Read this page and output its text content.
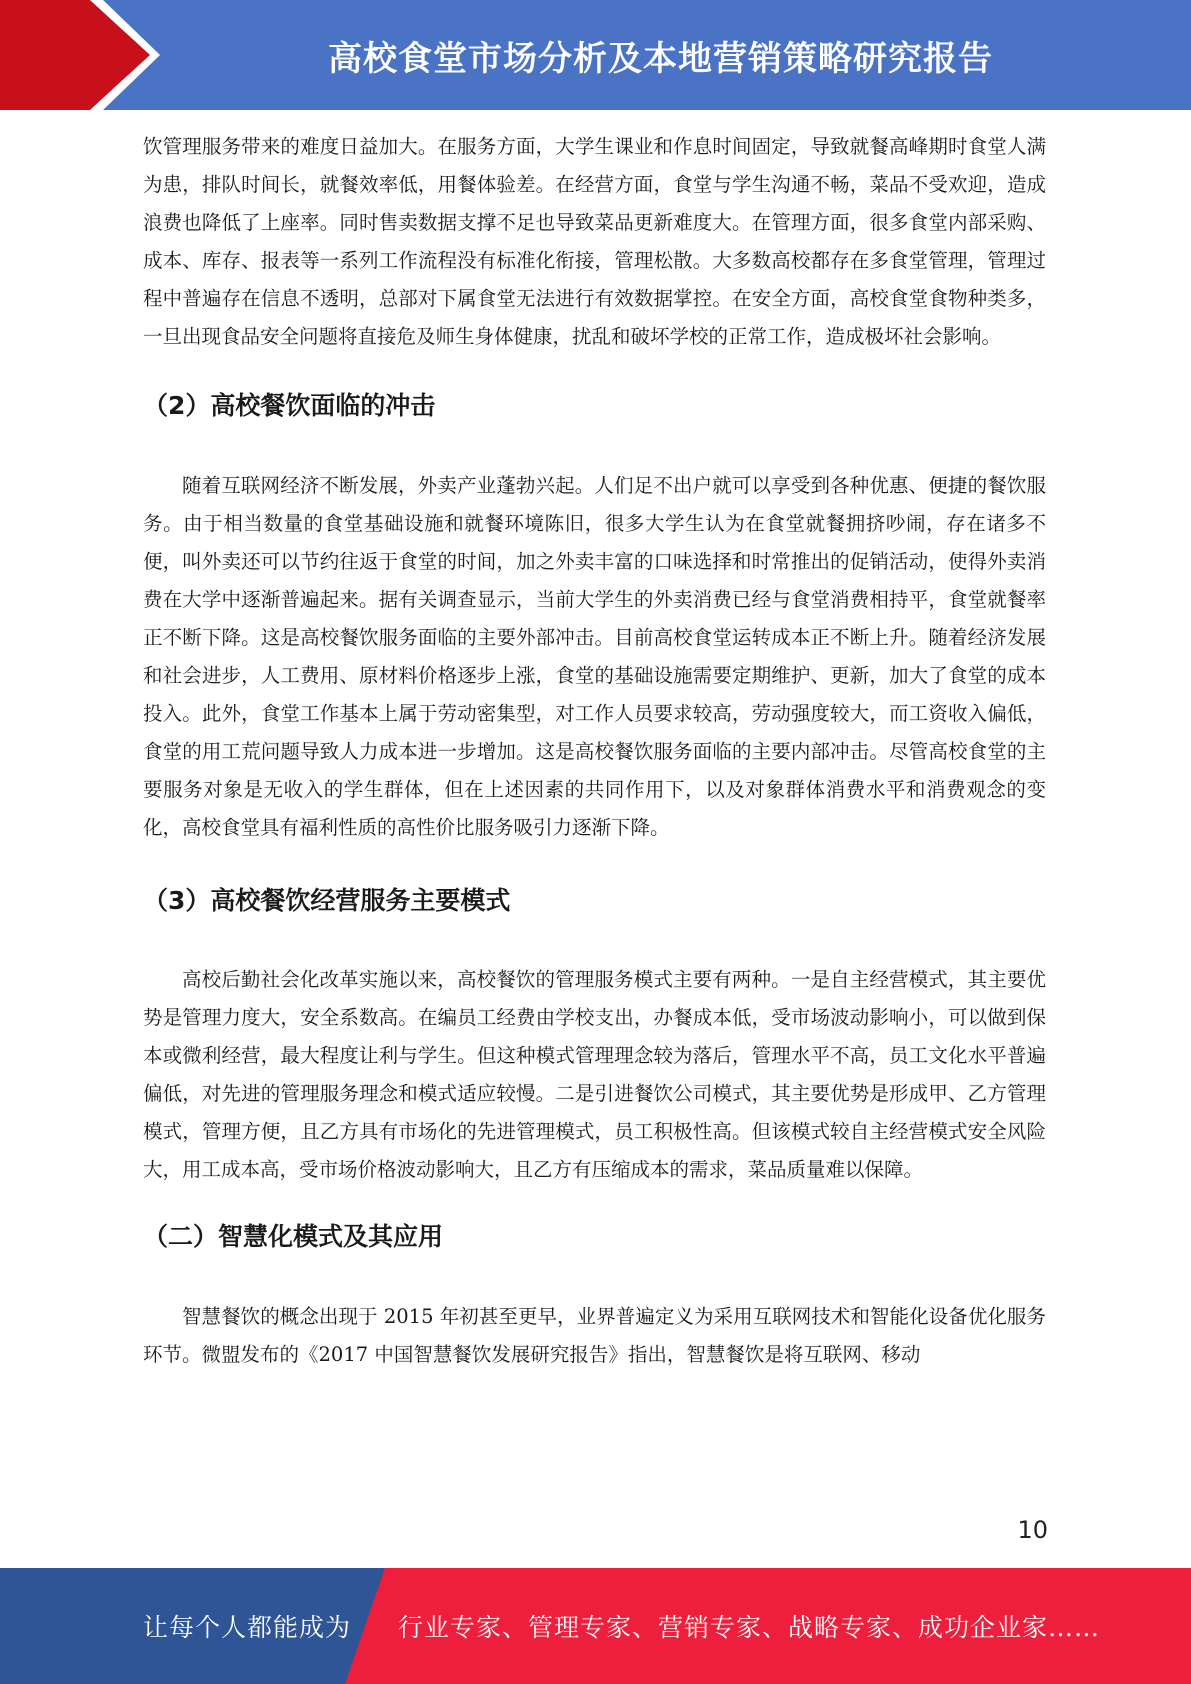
高校食堂市场分析及本地营销策略研究报告

饮管理服务带来的难度日益加大。在服务方面，大学生课业和作息时间固定，导致就餐高峰期时食堂人满为患，排队时间长，就餐效率低，用餐体验差。在经营方面，食堂与学生沟通不畅，菜品不受欢迎，造成浪费也降低了上座率。同时售卖数据支撑不足也导致菜品更新难度大。在管理方面，很多食堂内部采购、成本、库存、报表等一系列工作流程没有标准化衔接，管理松散。大多数高校都存在多食堂管理，管理过程中普遍存在信息不透明，总部对下属食堂无法进行有效数据掌控。在安全方面，高校食堂食物种类多，一旦出现食品安全问题将直接危及师生身体健康，扰乱和破坏学校的正常工作，造成极坏社会影响。

（2）高校餐饮面临的冲击

随着互联网经济不断发展，外卖产业蓬勃兴起。人们足不出户就可以享受到各种优惠、便捷的餐饮服务。由于相当数量的食堂基础设施和就餐环境陈旧，很多大学生认为在食堂就餐拥挤吵闹，存在诸多不便，叫外卖还可以节约往返于食堂的时间，加之外卖丰富的口味选择和时常推出的促销活动，使得外卖消费在大学中逐渐普遍起来。据有关调查显示，当前大学生的外卖消费已经与食堂消费相持平，食堂就餐率正不断下降。这是高校餐饮服务面临的主要外部冲击。目前高校食堂运转成本正不断上升。随着经济发展和社会进步，人工费用、原材料价格逐步上涨，食堂的基础设施需要定期维护、更新，加大了食堂的成本投入。此外，食堂工作基本上属于劳动密集型，对工作人员要求较高，劳动强度较大，而工资收入偏低，食堂的用工荒问题导致人力成本进一步增加。这是高校餐饮服务面临的主要内部冲击。尽管高校食堂的主要服务对象是无收入的学生群体，但在上述因素的共同作用下，以及对象群体消费水平和消费观念的变化，高校食堂具有福利性质的高性价比服务吸引力逐渐下降。

（3）高校餐饮经营服务主要模式

高校后勤社会化改革实施以来，高校餐饮的管理服务模式主要有两种。一是自主经营模式，其主要优势是管理力度大，安全系数高。在编员工经费由学校支出，办餐成本低，受市场波动影响小，可以做到保本或微利经营，最大程度让利与学生。但这种模式管理理念较为落后，管理水平不高，员工文化水平普遍偏低，对先进的管理服务理念和模式适应较慢。二是引进餐饮公司模式，其主要优势是形成甲、乙方管理模式，管理方便，且乙方具有市场化的先进管理模式，员工积极性高。但该模式较自主经营模式安全风险大，用工成本高，受市场价格波动影响大，且乙方有压缩成本的需求，菜品质量难以保障。

（二）智慧化模式及其应用

智慧餐饮的概念出现于 2015 年初甚至更早，业界普遍定义为采用互联网技术和智能化设备优化服务环节。微盟发布的《2017 中国智慧餐饮发展研究报告》指出，智慧餐饮是将互联网、移动

10
让每个人都能成为 行业专家、管理专家、营销专家、战略专家、成功企业家……
